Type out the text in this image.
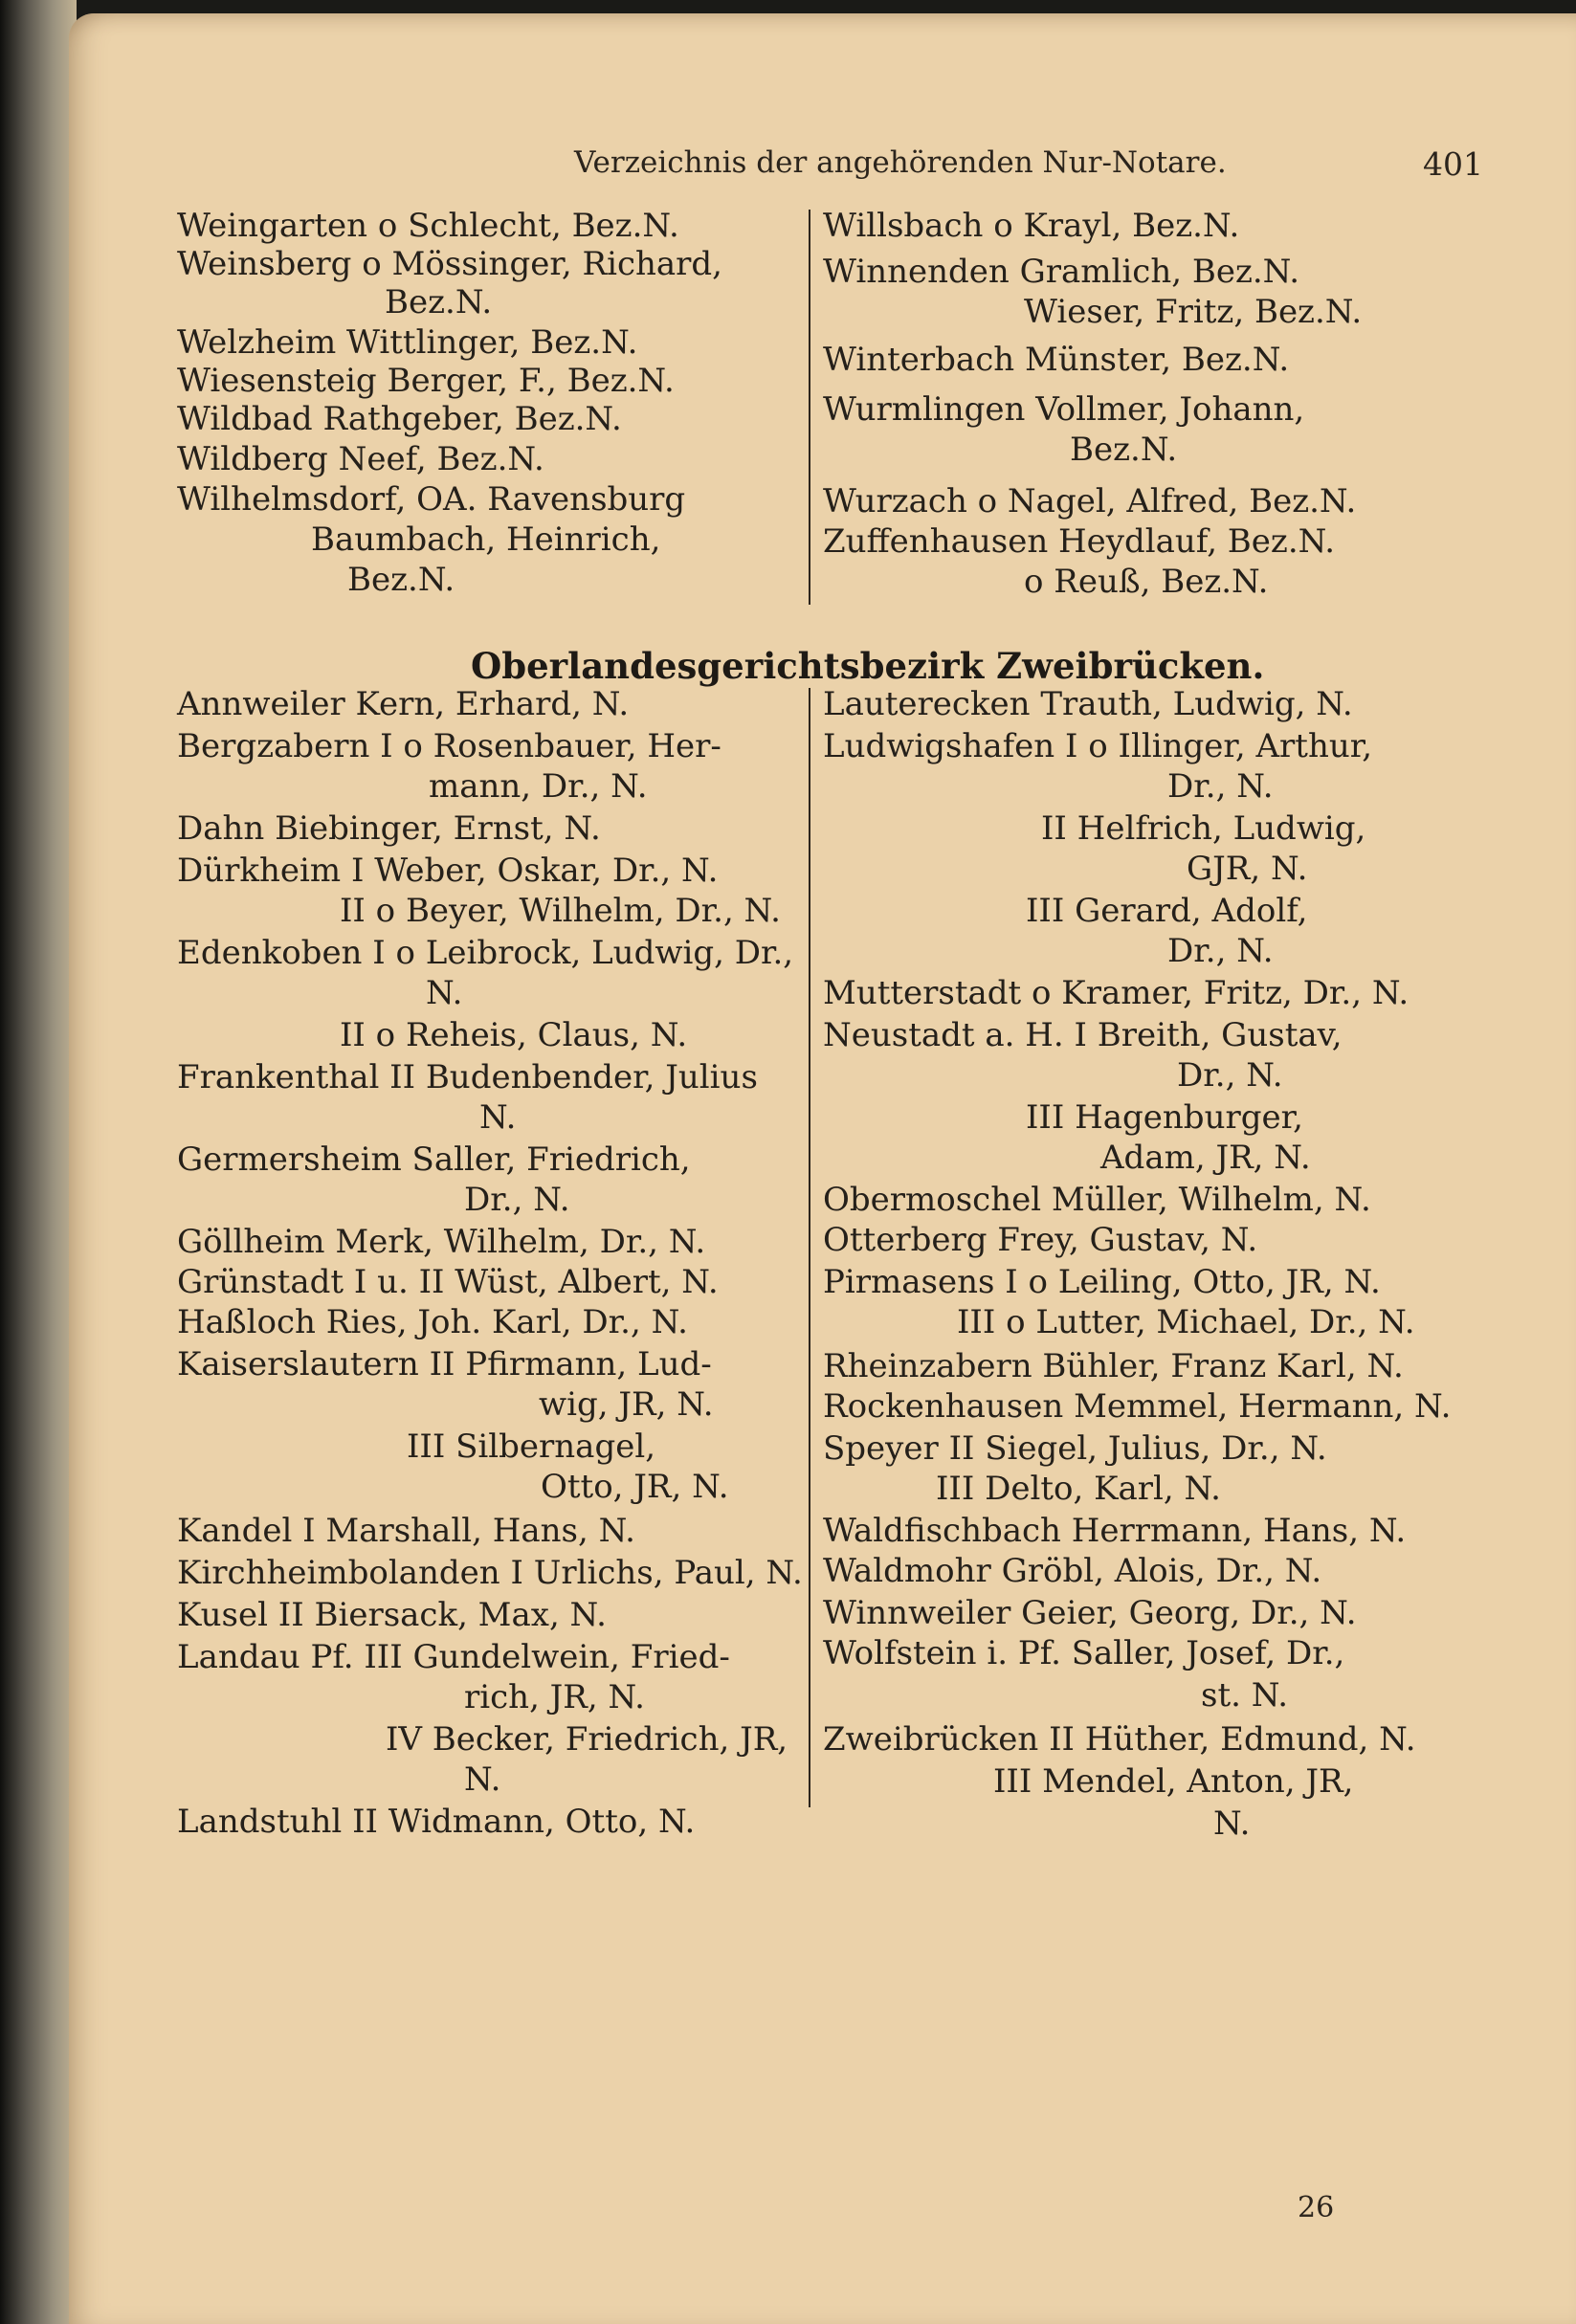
Verzeichnis der angehörenden Nur-Notare.	401
Weingarten o Schlecht, Bez.N.
Weinsberg o Mössinger, Richard,
Bez.N.
Welzheim Wittlinger, Bez.N.
Wiesensteig Berger, F., Bez.N.
Wildbad Rathgeber, Bez.N.
Wildberg Neef, Bez.N.
Wilhelmsdorf, OA. Ravensburg
Baumbach, Heinrich,
Bez.N.
Willsbach o Krayl, Bez.N.
Winnenden Gramlich, Bez.N.
Wieser, Fritz, Bez.N.
Winterbach Münster, Bez.N.
Wurmlingen Vollmer, Johann,
Bez.N.
Wurzach o Nagel, Alfred, Bez.N.
Zuffenhausen Heydlauf, Bez.N.
o Reuß, Bez.N.
Oberlandesgerichtsbezirk Zweibrücken.
Annweiler Kern, Erhard, N.
Bergzabern I o Rosenbauer, Her-
mann, Dr., N.
Dahn Biebinger, Ernst, N.
Dürkheim I Weber, Oskar, Dr., N.
II o Beyer, Wilhelm, Dr., N.
Edenkoben I o Leibrock, Ludwig, Dr.,
N.
II o Reheis, Claus, N.
Frankenthal II Budenbender, Julius
N.
Germersheim Saller, Friedrich,
Dr., N.
Göllheim Merk, Wilhelm, Dr., N.
Grünstadt I u. II Wüst, Albert, N.
Haßloch Ries, Joh. Karl, Dr., N.
Kaiserslautern II Pfirmann, Lud-
wig, JR, N.
III Silbernagel,
Otto, JR, N.
Kandel I Marshall, Hans, N.
Kirchheimbolanden I Urlichs, Paul, N.
Kusel II Biersack, Max, N.
Landau Pf. III Gundelwein, Fried-
rich, JR, N.
IV Becker, Friedrich, JR,
N.
Landstuhl II Widmann, Otto, N.
Lauterecken Trauth, Ludwig, N.
Ludwigshafen I o Illinger, Arthur,
Dr., N.
II Helfrich, Ludwig,
GJR, N.
III Gerard, Adolf,
Dr., N.
Mutterstadt o Kramer, Fritz, Dr., N.
Neustadt a. H. I Breith, Gustav,
Dr., N.
III Hagenburger,
Adam, JR, N.
Obermoschel Müller, Wilhelm, N.
Otterberg Frey, Gustav, N.
Pirmasens I o Leiling, Otto, JR, N.
III o Lutter, Michael, Dr., N.
Rheinzabern Bühler, Franz Karl, N.
Rockenhausen Memmel, Hermann, N.
Speyer II Siegel, Julius, Dr., N.
III Delto, Karl, N.
Waldfischbach Herrmann, Hans, N.
Waldmohr Gröbl, Alois, Dr., N.
Winnweiler Geier, Georg, Dr., N.
Wolfstein i. Pf. Saller, Josef, Dr.,
st. N.
Zweibrücken II Hüther, Edmund, N.
III Mendel, Anton, JR,
N.
26
